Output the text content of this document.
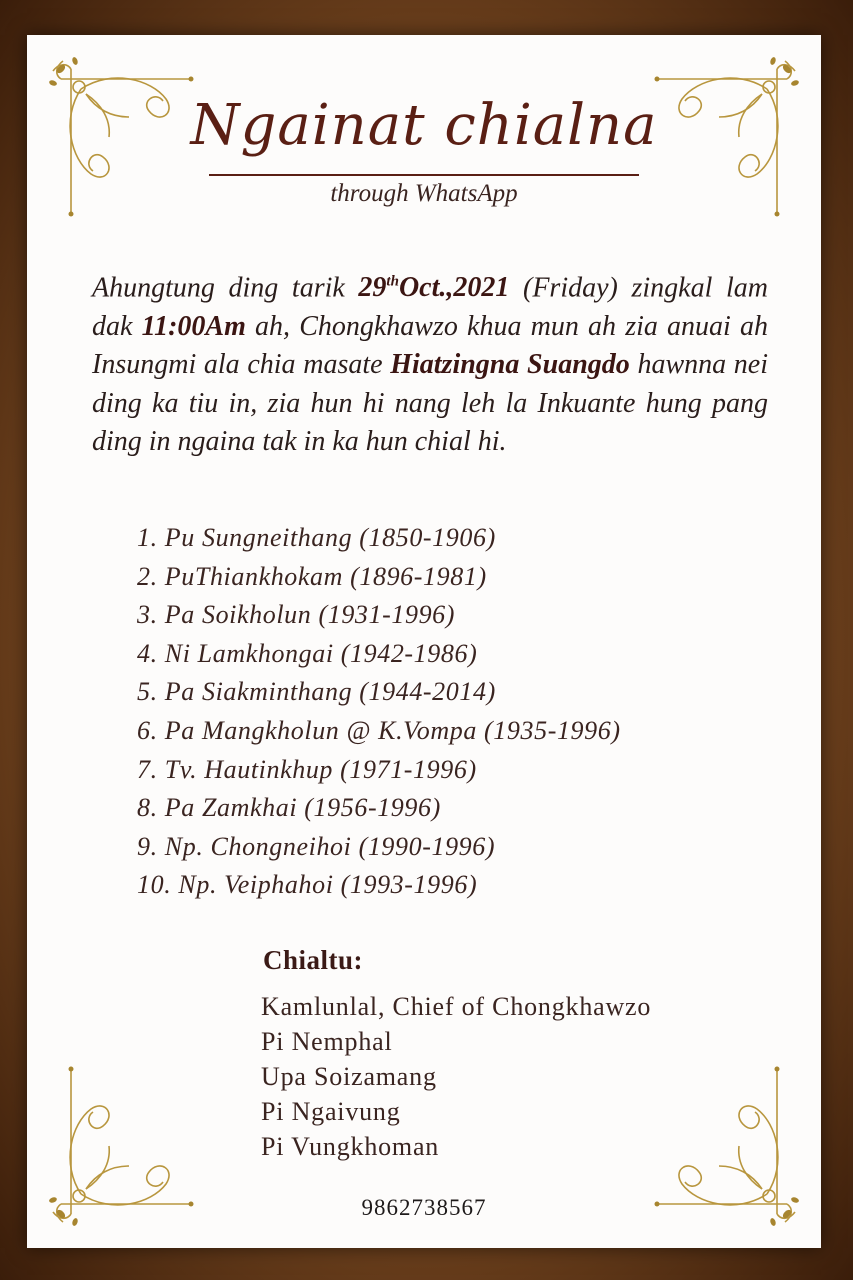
Ngainat chialna
through WhatsApp
Ahungtung ding tarik 29thOct.,2021 (Friday) zingkal lam dak 11:00Am ah, Chongkhawzo khua mun ah zia anuai ah Insungmi ala chia masate Hiatzingna Suangdo hawnna nei ding ka tiu in, zia hun hi nang leh la Inkuante hung pang ding in ngaina tak in ka hun chial hi.
1. Pu Sungneithang (1850-1906)
2. PuThiankhokam (1896-1981)
3. Pa Soikholun (1931-1996)
4. Ni Lamkhongai (1942-1986)
5. Pa Siakminthang (1944-2014)
6. Pa Mangkholun @ K.Vompa (1935-1996)
7. Tv. Hautinkhup (1971-1996)
8. Pa Zamkhai (1956-1996)
9. Np. Chongneihoi (1990-1996)
10. Np. Veiphahoi (1993-1996)
Chialtu:
Kamlunlal, Chief of Chongkhawzo
Pi Nemphal
Upa Soizamang
Pi Ngaivung
Pi Vungkhoman
9862738567
